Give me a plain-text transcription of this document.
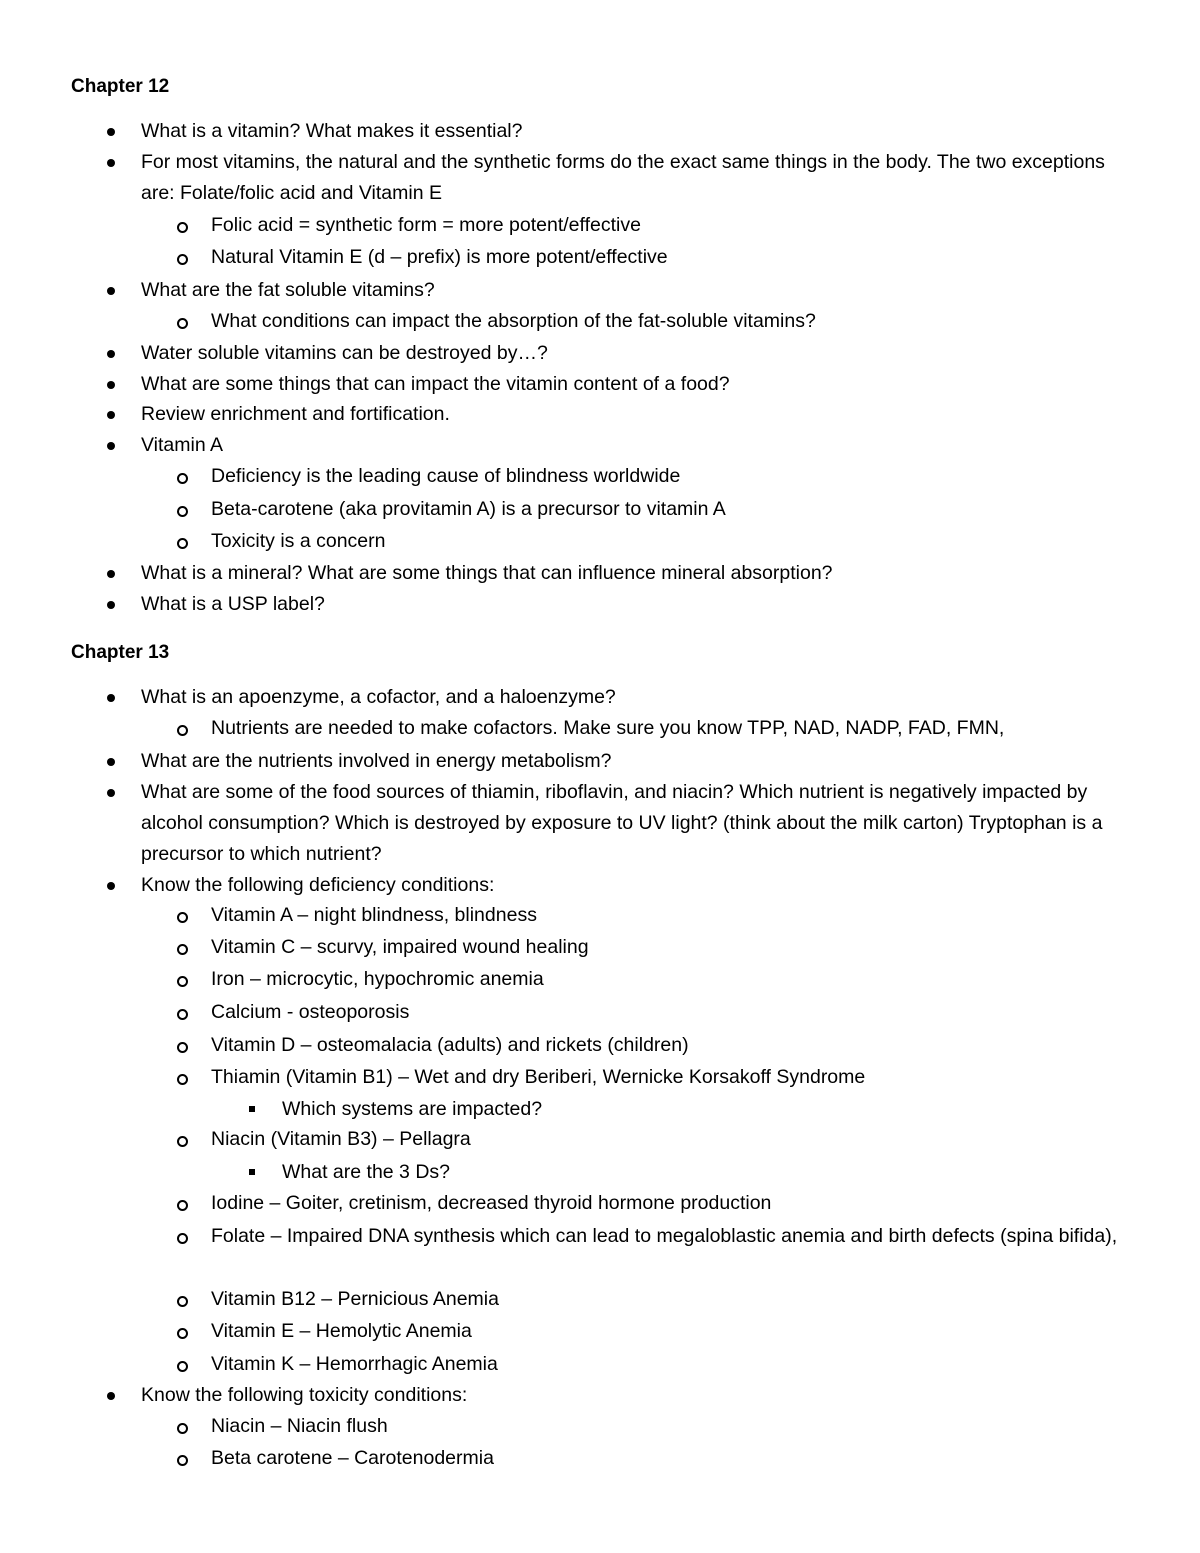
Chapter 12
What is a vitamin? What makes it essential?
For most vitamins, the natural and the synthetic forms do the exact same things in the body. The two exceptions are: Folate/folic acid and Vitamin E
Folic acid = synthetic form = more potent/effective
Natural Vitamin E (d – prefix) is more potent/effective
What are the fat soluble vitamins?
What conditions can impact the absorption of the fat-soluble vitamins?
Water soluble vitamins can be destroyed by…?
What are some things that can impact the vitamin content of a food?
Review enrichment and fortification.
Vitamin A
Deficiency is the leading cause of blindness worldwide
Beta-carotene (aka provitamin A) is a precursor to vitamin A
Toxicity is a concern
What is a mineral? What are some things that can influence mineral absorption?
What is a USP label?
Chapter 13
What is an apoenzyme, a cofactor, and a haloenzyme?
Nutrients are needed to make cofactors. Make sure you know TPP, NAD, NADP, FAD, FMN,
What are the nutrients involved in energy metabolism?
What are some of the food sources of thiamin, riboflavin, and niacin? Which nutrient is negatively impacted by alcohol consumption? Which is destroyed by exposure to UV light? (think about the milk carton) Tryptophan is a precursor to which nutrient?
Know the following deficiency conditions:
Vitamin A – night blindness, blindness
Vitamin C – scurvy, impaired wound healing
Iron – microcytic, hypochromic anemia
Calcium - osteoporosis
Vitamin D – osteomalacia (adults) and rickets (children)
Thiamin (Vitamin B1) – Wet and dry Beriberi, Wernicke Korsakoff Syndrome
Which systems are impacted?
Niacin (Vitamin B3) – Pellagra
What are the 3 Ds?
Iodine – Goiter, cretinism, decreased thyroid hormone production
Folate – Impaired DNA synthesis which can lead to megaloblastic anemia and birth defects (spina bifida),
Vitamin B12 – Pernicious Anemia
Vitamin E – Hemolytic Anemia
Vitamin K – Hemorrhagic Anemia
Know the following toxicity conditions:
Niacin – Niacin flush
Beta carotene – Carotenodermia
